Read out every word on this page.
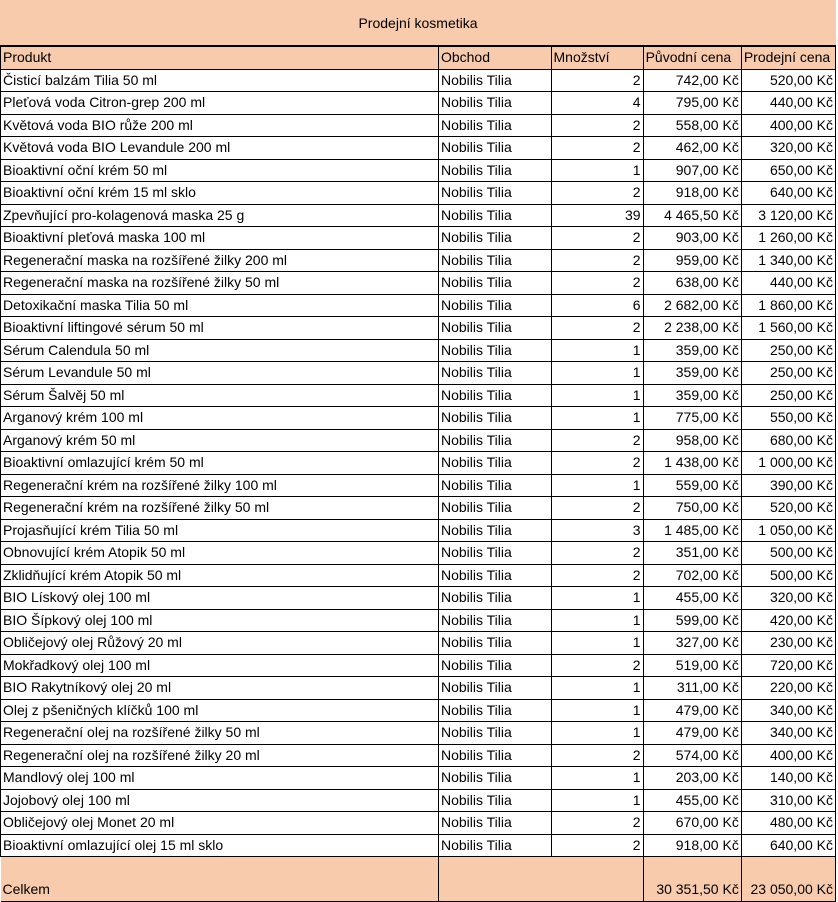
Prodejní kosmetika
Produkt	Obchod	Množství	Původní cena	Prodejní cena
Čisticí balzám Tilia 50 ml	Nobilis Tilia	2	742,00 Kč	520,00 Kč
Pleťová voda Citron-grep 200 ml	Nobilis Tilia	4	795,00 Kč	440,00 Kč
Květová voda BIO růže 200 ml	Nobilis Tilia	2	558,00 Kč	400,00 Kč
Květová voda BIO Levandule 200 ml	Nobilis Tilia	2	462,00 Kč	320,00 Kč
Bioaktivní oční krém 50 ml	Nobilis Tilia	1	907,00 Kč	650,00 Kč
Bioaktivní oční krém 15 ml sklo	Nobilis Tilia	2	918,00 Kč	640,00 Kč
Zpevňující pro-kolagenová maska 25 g	Nobilis Tilia	39	4 465,50 Kč	3 120,00 Kč
Bioaktivní pleťová maska 100 ml	Nobilis Tilia	2	903,00 Kč	1 260,00 Kč
Regenerační maska na rozšířené žilky 200 ml	Nobilis Tilia	2	959,00 Kč	1 340,00 Kč
Regenerační maska na rozšířené žilky 50 ml	Nobilis Tilia	2	638,00 Kč	440,00 Kč
Detoxikační maska Tilia 50 ml	Nobilis Tilia	6	2 682,00 Kč	1 860,00 Kč
Bioaktivní liftingové sérum 50 ml	Nobilis Tilia	2	2 238,00 Kč	1 560,00 Kč
Sérum Calendula 50 ml	Nobilis Tilia	1	359,00 Kč	250,00 Kč
Sérum Levandule 50 ml	Nobilis Tilia	1	359,00 Kč	250,00 Kč
Sérum Šalvěj 50 ml	Nobilis Tilia	1	359,00 Kč	250,00 Kč
Arganový krém 100 ml	Nobilis Tilia	1	775,00 Kč	550,00 Kč
Arganový krém 50 ml	Nobilis Tilia	2	958,00 Kč	680,00 Kč
Bioaktivní omlazující krém 50 ml	Nobilis Tilia	2	1 438,00 Kč	1 000,00 Kč
Regenerační krém na rozšířené žilky 100 ml	Nobilis Tilia	1	559,00 Kč	390,00 Kč
Regenerační krém na rozšířené žilky 50 ml	Nobilis Tilia	2	750,00 Kč	520,00 Kč
Projasňující krém Tilia 50 ml	Nobilis Tilia	3	1 485,00 Kč	1 050,00 Kč
Obnovující krém Atopik 50 ml	Nobilis Tilia	2	351,00 Kč	500,00 Kč
Zklidňující krém Atopik 50 ml	Nobilis Tilia	2	702,00 Kč	500,00 Kč
BIO Lískový olej 100 ml	Nobilis Tilia	1	455,00 Kč	320,00 Kč
BIO Šípkový olej 100 ml	Nobilis Tilia	1	599,00 Kč	420,00 Kč
Obličejový olej Růžový 20 ml	Nobilis Tilia	1	327,00 Kč	230,00 Kč
Mokřadkový olej 100 ml	Nobilis Tilia	2	519,00 Kč	720,00 Kč
BIO Rakytníkový olej 20 ml	Nobilis Tilia	1	311,00 Kč	220,00 Kč
Olej z pšeničných klíčků 100 ml	Nobilis Tilia	1	479,00 Kč	340,00 Kč
Regenerační olej na rozšířené žilky 50 ml	Nobilis Tilia	1	479,00 Kč	340,00 Kč
Regenerační olej na rozšířené žilky 20 ml	Nobilis Tilia	2	574,00 Kč	400,00 Kč
Mandlový olej 100 ml	Nobilis Tilia	1	203,00 Kč	140,00 Kč
Jojobový olej 100 ml	Nobilis Tilia	1	455,00 Kč	310,00 Kč
Obličejový olej Monet 20 ml	Nobilis Tilia	2	670,00 Kč	480,00 Kč
Bioaktivní omlazující olej 15 ml sklo	Nobilis Tilia	2	918,00 Kč	640,00 Kč
Celkem			30 351,50 Kč	23 050,00 Kč
